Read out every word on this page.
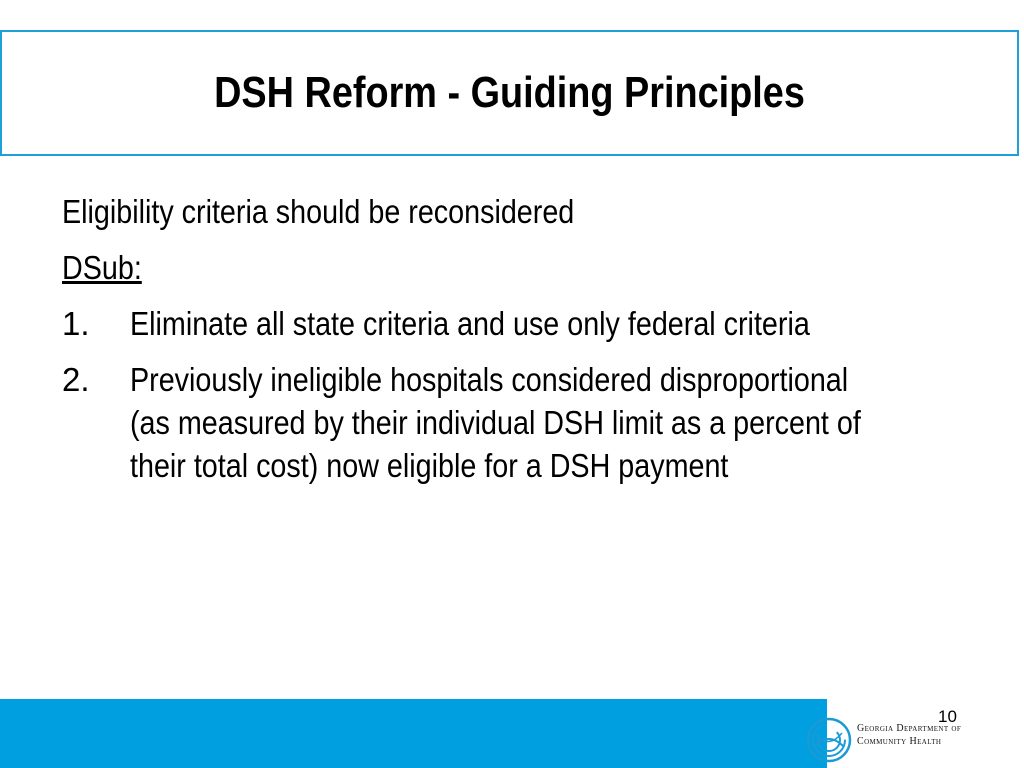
DSH Reform - Guiding Principles
Eligibility criteria should be reconsidered
DSub:
1. Eliminate all state criteria and use only federal criteria
2. Previously ineligible hospitals considered disproportional (as measured by their individual DSH limit as a percent of their total cost) now eligible for a DSH payment
10
Georgia Department of
Community Health
